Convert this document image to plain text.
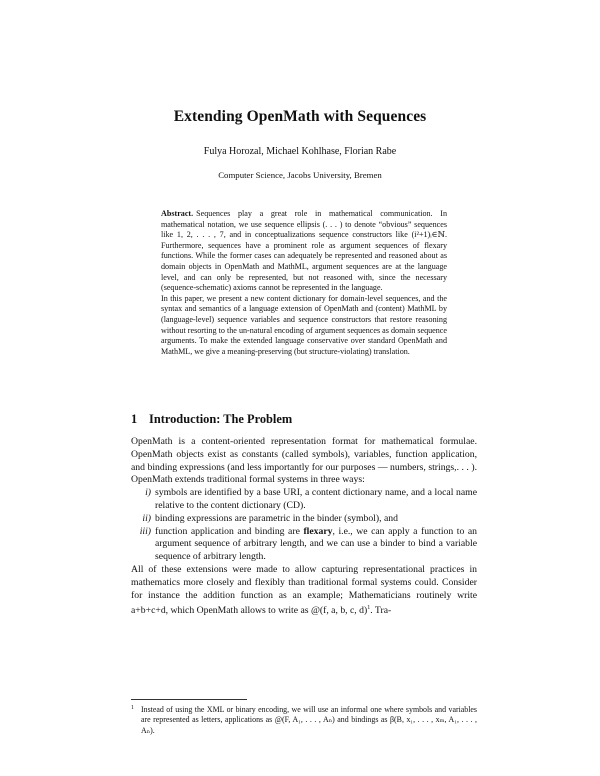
Extending OpenMath with Sequences
Fulya Horozal, Michael Kohlhase, Florian Rabe
Computer Science, Jacobs University, Bremen

Abstract. Sequences play a great role in mathematical communication. In mathematical notation, we use sequence ellipsis (. . . ) to denote “obvious” sequences like 1, 2, . . . , 7, and in conceptualizations sequence constructors like (i²+1)ᵢ∈ℕ. Furthermore, sequences have a prominent role as argument sequences of flexary functions. While the former cases can adequately be represented and reasoned about as domain objects in OpenMath and MathML, argument sequences are at the language level, and can only be represented, but not reasoned with, since the necessary (sequence-schematic) axioms cannot be represented in the language.

In this paper, we present a new content dictionary for domain-level sequences, and the syntax and semantics of a language extension of OpenMath and (content) MathML by (language-level) sequence variables and sequence constructors that restore reasoning without resorting to the un-natural encoding of argument sequences as domain sequence arguments. To make the extended language conservative over standard OpenMath and MathML, we give a meaning-preserving (but structure-violating) translation.

1 Introduction: The Problem

OpenMath is a content-oriented representation format for mathematical formulae. OpenMath objects exist as constants (called symbols), variables, function application, and binding expressions (and less importantly for our purposes — numbers, strings,. . . ). OpenMath extends traditional formal systems in three ways:

i) symbols are identified by a base URI, a content dictionary name, and a local name relative to the content dictionary (CD).
ii) binding expressions are parametric in the binder (symbol), and
iii) function application and binding are flexary, i.e., we can apply a function to an argument sequence of arbitrary length, and we can use a binder to bind a variable sequence of arbitrary length.

All of these extensions were made to allow capturing representational practices in mathematics more closely and flexibly than traditional formal systems could. Consider for instance the addition function as an example; Mathematicians routinely write a+b+c+d, which OpenMath allows to write as @(f, a, b, c, d)$^1$. Tra-

1 Instead of using the XML or binary encoding, we will use an informal one where symbols and variables are represented as letters, applications as @(F, A₁, . . . , Aₙ) and bindings as β(B, x₁, . . . , xₘ, A₁, . . . , Aₙ).
